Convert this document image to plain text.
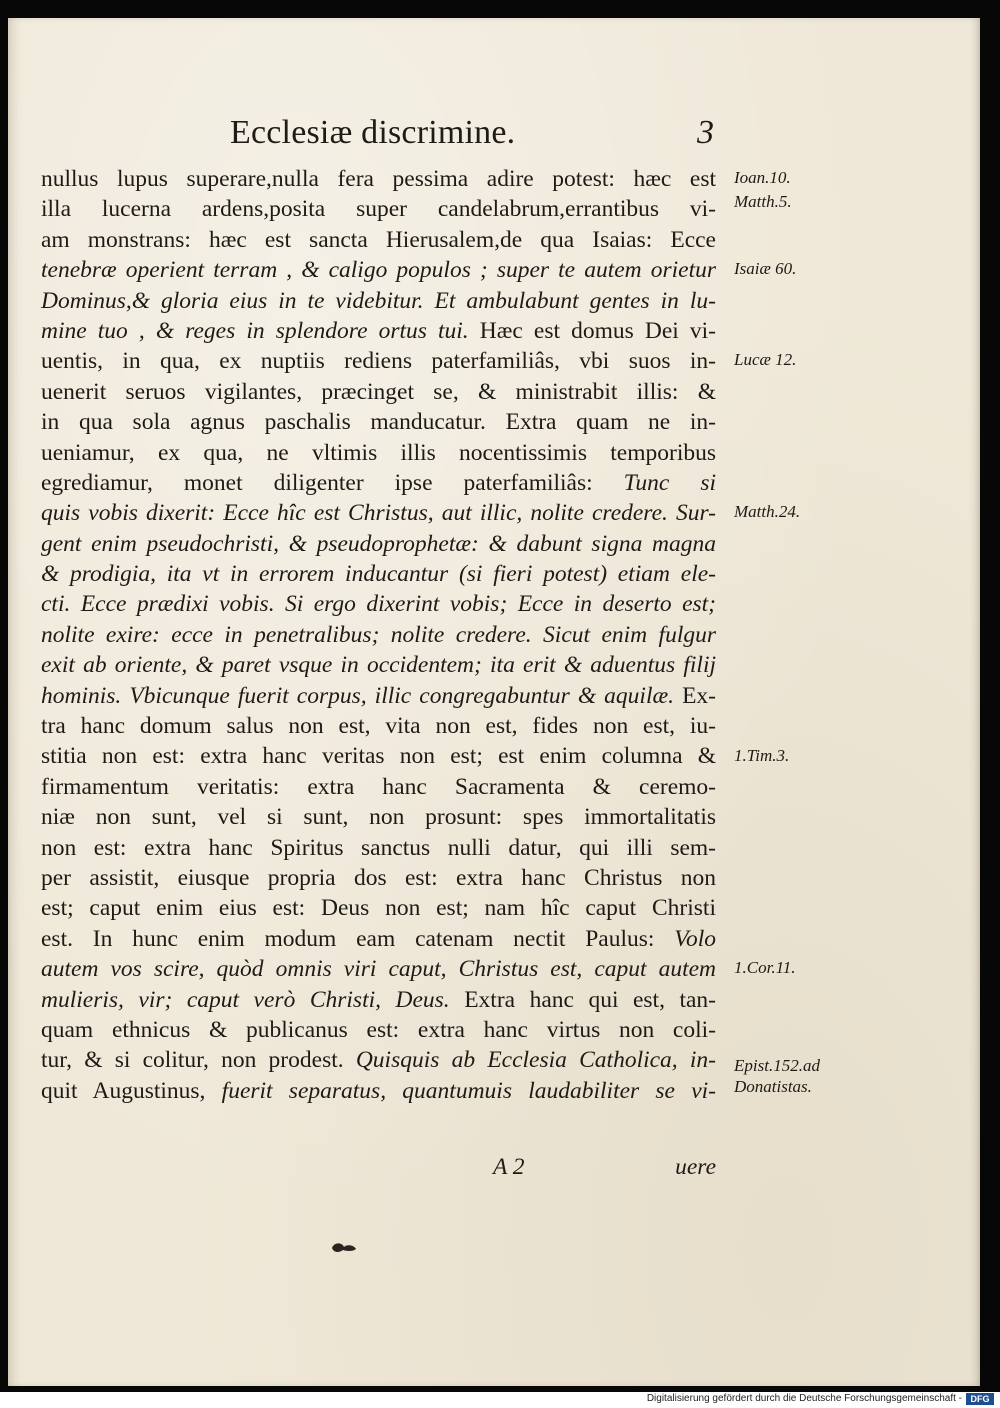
Ecclesiæ discrimine.	3
nullus lupus superare,nulla fera pessima adire potest: hæc est
illa lucerna ardens,posita super candelabrum,errantibus vi-
am monstrans: hæc est sancta Hierusalem,de qua Isaias: Ecce
tenebræ operient terram , & caligo populos ; super te autem orietur
Dominus,& gloria eius in te videbitur. Et ambulabunt gentes in lu-
mine tuo , & reges in splendore ortus tui. Hæc est domus Dei vi-
uentis, in qua, ex nuptiis rediens paterfamiliâs, vbi suos in-
uenerit seruos vigilantes, præcinget se, & ministrabit illis: &
in qua sola agnus paschalis manducatur. Extra quam ne in-
ueniamur, ex qua, ne vltimis illis nocentissimis temporibus
egrediamur, monet diligenter ipse paterfamiliâs: Tunc si
quis vobis dixerit: Ecce hîc est Christus, aut illic, nolite credere. Sur-
gent enim pseudochristi, & pseudoprophetæ: & dabunt signa magna
& prodigia, ita vt in errorem inducantur (si fieri potest) etiam ele-
cti. Ecce prædixi vobis. Si ergo dixerint vobis; Ecce in deserto est;
nolite exire: ecce in penetralibus; nolite credere. Sicut enim fulgur
exit ab oriente, & paret vsque in occidentem; ita erit & aduentus filij
hominis. Vbicunque fuerit corpus, illic congregabuntur & aquilæ. Ex-
tra hanc domum salus non est, vita non est, fides non est, iu-
stitia non est: extra hanc veritas non est; est enim columna &
firmamentum veritatis: extra hanc Sacramenta & ceremo-
niæ non sunt, vel si sunt, non prosunt: spes immortalitatis
non est: extra hanc Spiritus sanctus nulli datur, qui illi sem-
per assistit, eiusque propria dos est: extra hanc Christus non
est; caput enim eius est: Deus non est; nam hîc caput Christi
est. In hunc enim modum eam catenam nectit Paulus: Volo
autem vos scire, quòd omnis viri caput, Christus est, caput autem
mulieris, vir; caput verò Christi, Deus. Extra hanc qui est, tan-
quam ethnicus & publicanus est: extra hanc virtus non coli-
tur, & si colitur, non prodest. Quisquis ab Ecclesia Catholica, in-
quit Augustinus, fuerit separatus, quantumuis laudabiliter se vi-
Ioan.10.
Matth.5.
Isaiæ 60.
Lucæ 12.
Matth.24.
1.Tim.3.
1.Cor.11.
Epist.152.ad
Donatistas.
A 2	uere
Digitalisierung gefördert durch die Deutsche Forschungsgemeinschaft - DFG
